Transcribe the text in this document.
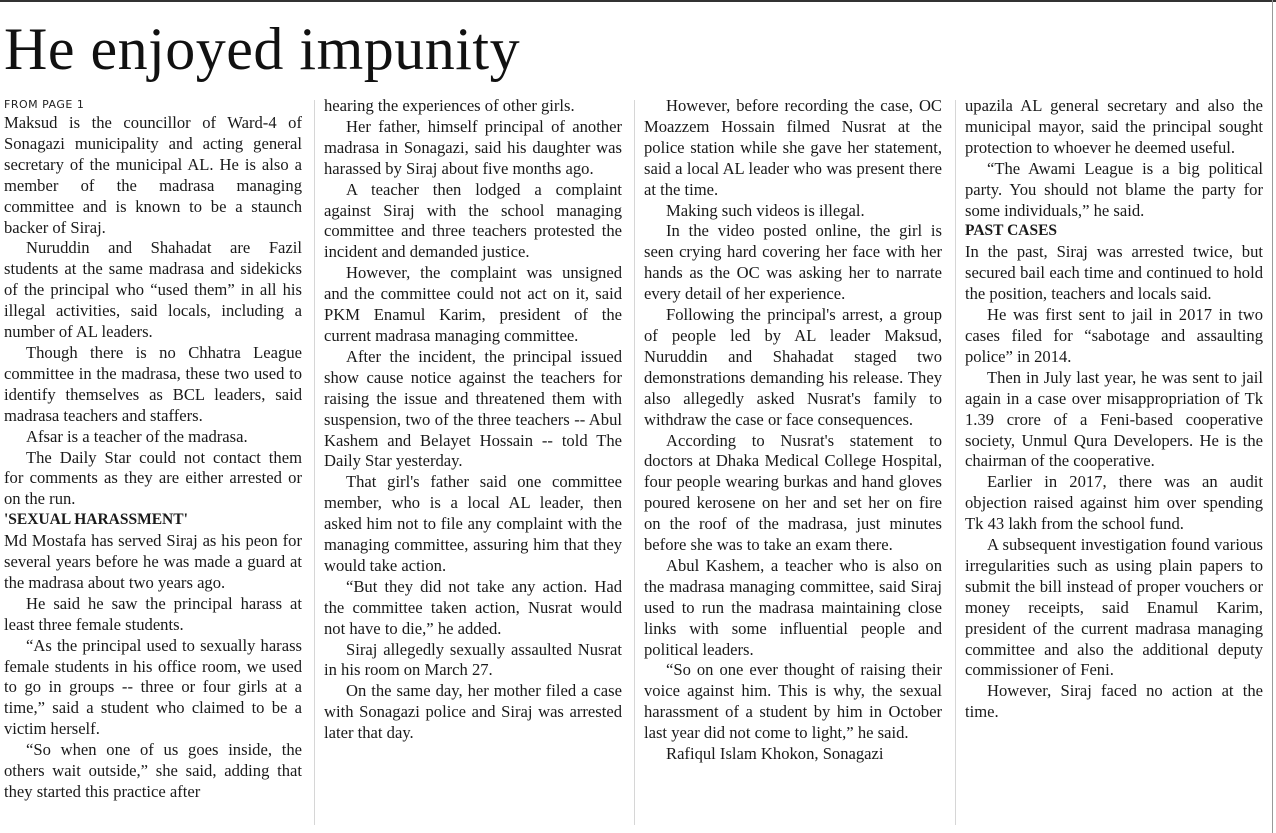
He enjoyed impunity
FROM PAGE 1

Maksud is the councillor of Ward-4 of Sonagazi municipality and acting general secretary of the municipal AL. He is also a member of the madrasa managing committee and is known to be a staunch backer of Siraj.

Nuruddin and Shahadat are Fazil students at the same madrasa and sidekicks of the principal who “used them” in all his illegal activities, said locals, including a number of AL leaders.

Though there is no Chhatra League committee in the madrasa, these two used to identify themselves as BCL leaders, said madrasa teachers and staffers.

Afsar is a teacher of the madrasa.

The Daily Star could not contact them for comments as they are either arrested or on the run.

'SEXUAL HARASSMENT'

Md Mostafa has served Siraj as his peon for several years before he was made a guard at the madrasa about two years ago.

He said he saw the principal harass at least three female students.

“As the principal used to sexually harass female students in his office room, we used to go in groups -- three or four girls at a time,” said a student who claimed to be a victim herself.

“So when one of us goes inside, the others wait outside,” she said, adding that they started this practice after

hearing the experiences of other girls.

Her father, himself principal of another madrasa in Sonagazi, said his daughter was harassed by Siraj about five months ago.

A teacher then lodged a complaint against Siraj with the school managing committee and three teachers protested the incident and demanded justice.

However, the complaint was unsigned and the committee could not act on it, said PKM Enamul Karim, president of the current madrasa managing committee.

After the incident, the principal issued show cause notice against the teachers for raising the issue and threatened them with suspension, two of the three teachers -- Abul Kashem and Belayet Hossain -- told The Daily Star yesterday.

That girl's father said one committee member, who is a local AL leader, then asked him not to file any complaint with the managing committee, assuring him that they would take action.

“But they did not take any action. Had the committee taken action, Nusrat would not have to die,” he added.

Siraj allegedly sexually assaulted Nusrat in his room on March 27.

On the same day, her mother filed a case with Sonagazi police and Siraj was arrested later that day.

However, before recording the case, OC Moazzem Hossain filmed Nusrat at the police station while she gave her statement, said a local AL leader who was present there at the time.

Making such videos is illegal.

In the video posted online, the girl is seen crying hard covering her face with her hands as the OC was asking her to narrate every detail of her experience.

Following the principal's arrest, a group of people led by AL leader Maksud, Nuruddin and Shahadat staged two demonstrations demanding his release. They also allegedly asked Nusrat's family to withdraw the case or face consequences.

According to Nusrat's statement to doctors at Dhaka Medical College Hospital, four people wearing burkas and hand gloves poured kerosene on her and set her on fire on the roof of the madrasa, just minutes before she was to take an exam there.

Abul Kashem, a teacher who is also on the madrasa managing committee, said Siraj used to run the madrasa maintaining close links with some influential people and political leaders.

“So on one ever thought of raising their voice against him. This is why, the sexual harassment of a student by him in October last year did not come to light,” he said.

Rafiqul Islam Khokon, Sonagazi

upazila AL general secretary and also the municipal mayor, said the principal sought protection to whoever he deemed useful.

“The Awami League is a big political party. You should not blame the party for some individuals,” he said.

PAST CASES

In the past, Siraj was arrested twice, but secured bail each time and continued to hold the position, teachers and locals said.

He was first sent to jail in 2017 in two cases filed for “sabotage and assaulting police” in 2014.

Then in July last year, he was sent to jail again in a case over misappropriation of Tk 1.39 crore of a Feni-based cooperative society, Unmul Qura Developers. He is the chairman of the cooperative.

Earlier in 2017, there was an audit objection raised against him over spending Tk 43 lakh from the school fund.

A subsequent investigation found various irregularities such as using plain papers to submit the bill instead of proper vouchers or money receipts, said Enamul Karim, president of the current madrasa managing committee and also the additional deputy commissioner of Feni.

However, Siraj faced no action at the time.
